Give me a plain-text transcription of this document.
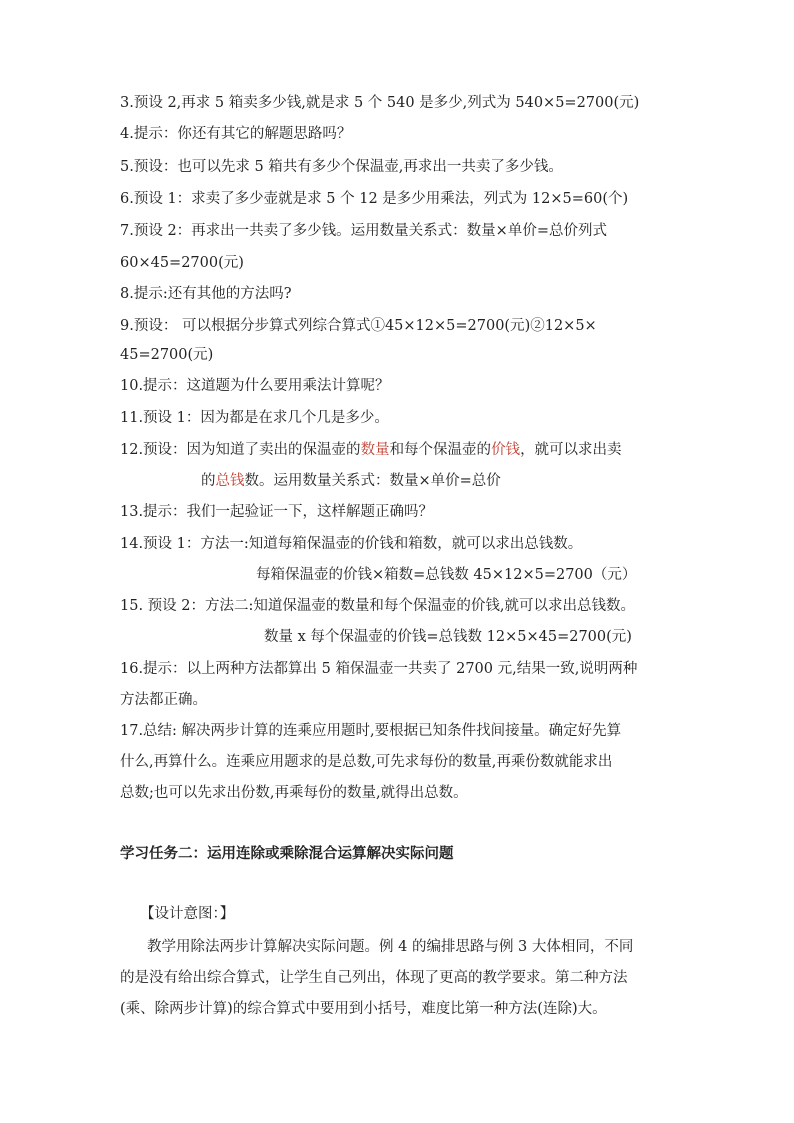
3.预设 2,再求 5 箱卖多少钱,就是求 5 个 540 是多少,列式为 540×5=2700(元)
4.提示：你还有其它的解题思路吗？
5.预设：也可以先求 5 箱共有多少个保温壶,再求出一共卖了多少钱。
6.预设 1：求卖了多少壶就是求 5 个 12 是多少用乘法，列式为 12×5=60(个)
7.预设 2：再求出一共卖了多少钱。运用数量关系式：数量×单价=总价列式
60×45=2700(元)
8.提示:还有其他的方法吗?
9.预设： 可以根据分步算式列综合算式①45×12×5=2700(元)②12×5×
45=2700(元)
10.提示：这道题为什么要用乘法计算呢？
11.预设 1：因为都是在求几个几是多少。
12.预设：因为知道了卖出的保温壶的数量和每个保温壶的价钱，就可以求出卖
的总钱数。运用数量关系式：数量×单价=总价
13.提示：我们一起验证一下，这样解题正确吗？
14.预设 1：方法一:知道每箱保温壶的价钱和箱数，就可以求出总钱数。
每箱保温壶的价钱×箱数=总钱数 45×12×5=2700（元）
15. 预设 2：方法二:知道保温壶的数量和每个保温壶的价钱,就可以求出总钱数。
数量 x 每个保温壶的价钱=总钱数 12×5×45=2700(元)
16.提示：以上两种方法都算出 5 箱保温壶一共卖了 2700 元,结果一致,说明两种
方法都正确。
17.总结: 解决两步计算的连乘应用题时,要根据已知条件找间接量。确定好先算
什么,再算什么。连乘应用题求的是总数,可先求每份的数量,再乘份数就能求出
总数;也可以先求出份数,再乘每份的数量,就得出总数。
学习任务二：运用连除或乘除混合运算解决实际问题
【设计意图：】
教学用除法两步计算解决实际问题。例 4 的编排思路与例 3 大体相同，不同
的是没有给出综合算式，让学生自己列出，体现了更高的教学要求。第二种方法
(乘、除两步计算)的综合算式中要用到小括号，难度比第一种方法(连除)大。
